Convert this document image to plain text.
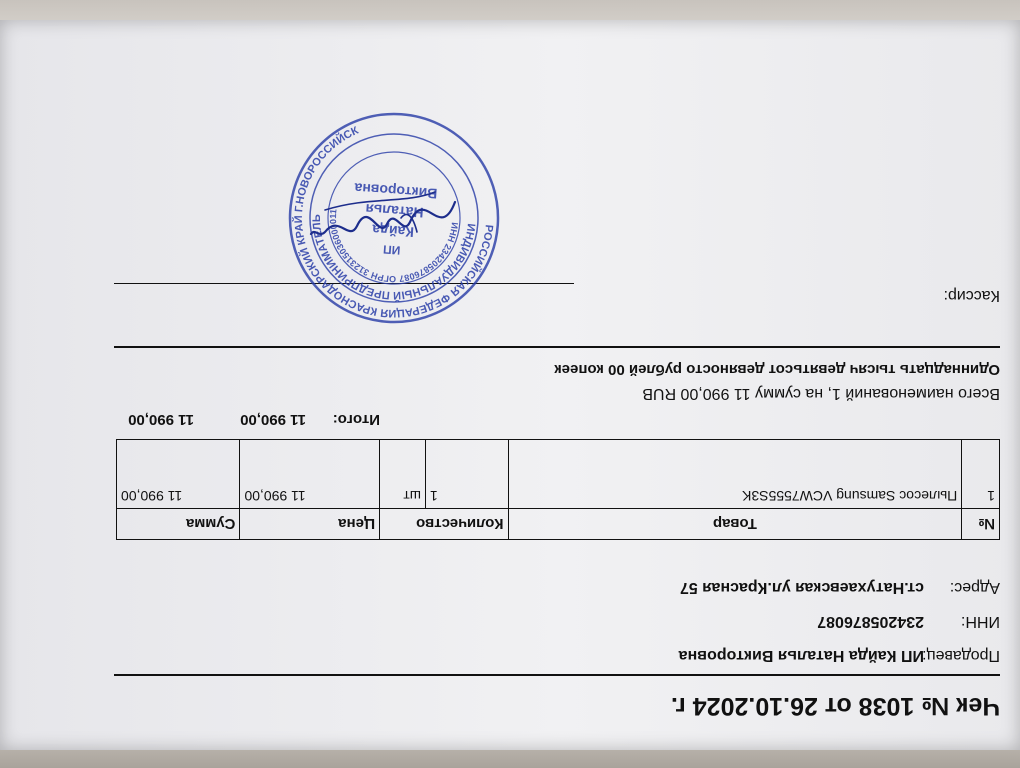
Чек № 1038 от 26.10.2024 г.
Продавец:
ИП Кайда Наталья Викторовна
ИНН:
234205876087
Адрес:
ст.Натухаевская ул.Красная 57
№	Товар	Количество		Цена	Сумма
1	Пылесос Samsung VCW7555S3K	1	шт	11 990,00	11 990,00
Итого:
11 990,00
11 990,00
Всего наименований 1, на сумму 11 990,00 RUB
Одиннадцать тысяч девятьсот девяносто рублей 00 копеек
Кассир:
РОССИЙСКАЯ ФЕДЕРАЦИЯ КРАСНОДАРСКИЙ КРАЙ Г.НОВОРОССИЙСК
ИНДИВИДУАЛЬНЫЙ ПРЕДПРИНИМАТЕЛЬ
ИНН 234205876087 ОГРН 312315036000011
ИП
Кайда
Наталья
Викторовна
